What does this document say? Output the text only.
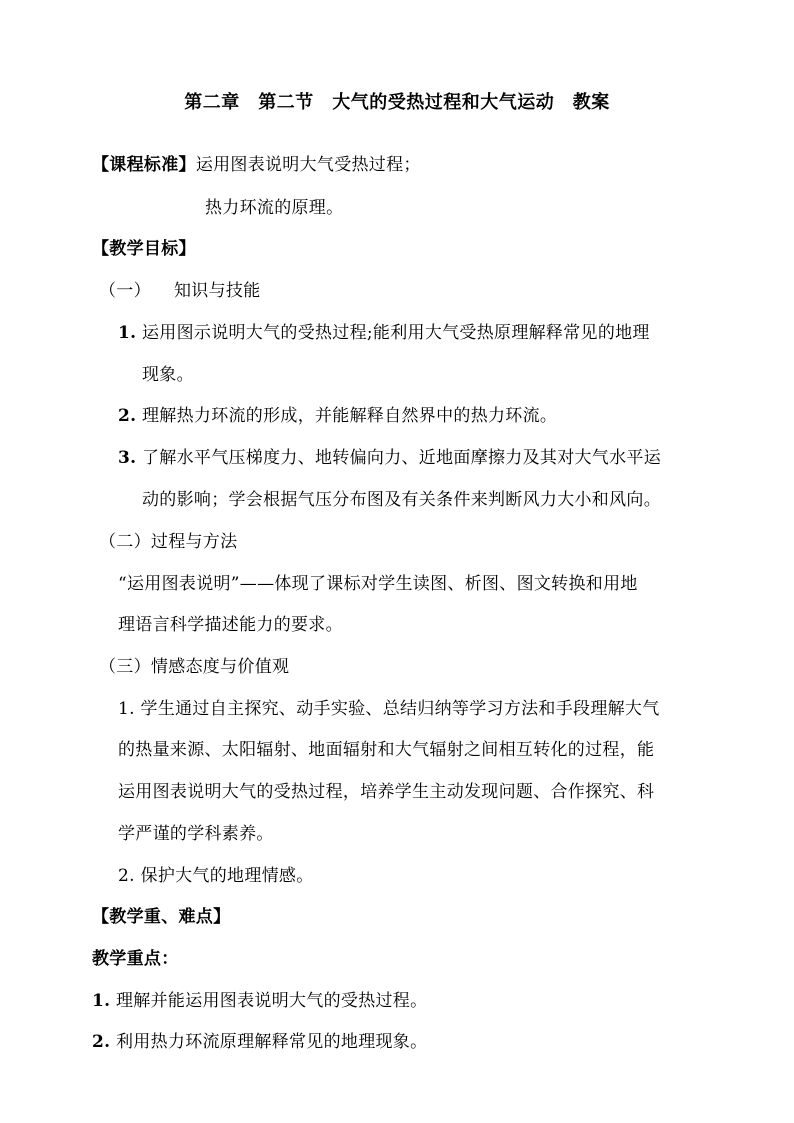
第二章　第二节　大气的受热过程和大气运动　教案
【课程标准】运用图表说明大气受热过程；
热力环流的原理。
【教学目标】
（一） 知识与技能
1. 运用图示说明大气的受热过程;能利用大气受热原理解释常见的地理
现象。
2. 理解热力环流的形成，并能解释自然界中的热力环流。
3. 了解水平气压梯度力、地转偏向力、近地面摩擦力及其对大气水平运
动的影响；学会根据气压分布图及有关条件来判断风力大小和风向。
（二）过程与方法
“运用图表说明”——体现了课标对学生读图、析图、图文转换和用地
理语言科学描述能力的要求。
（三）情感态度与价值观
1. 学生通过自主探究、动手实验、总结归纳等学习方法和手段理解大气
的热量来源、太阳辐射、地面辐射和大气辐射之间相互转化的过程，能
运用图表说明大气的受热过程，培养学生主动发现问题、合作探究、科
学严谨的学科素养。
2. 保护大气的地理情感。
【教学重、难点】
教学重点：
1. 理解并能运用图表说明大气的受热过程。
2. 利用热力环流原理解释常见的地理现象。
